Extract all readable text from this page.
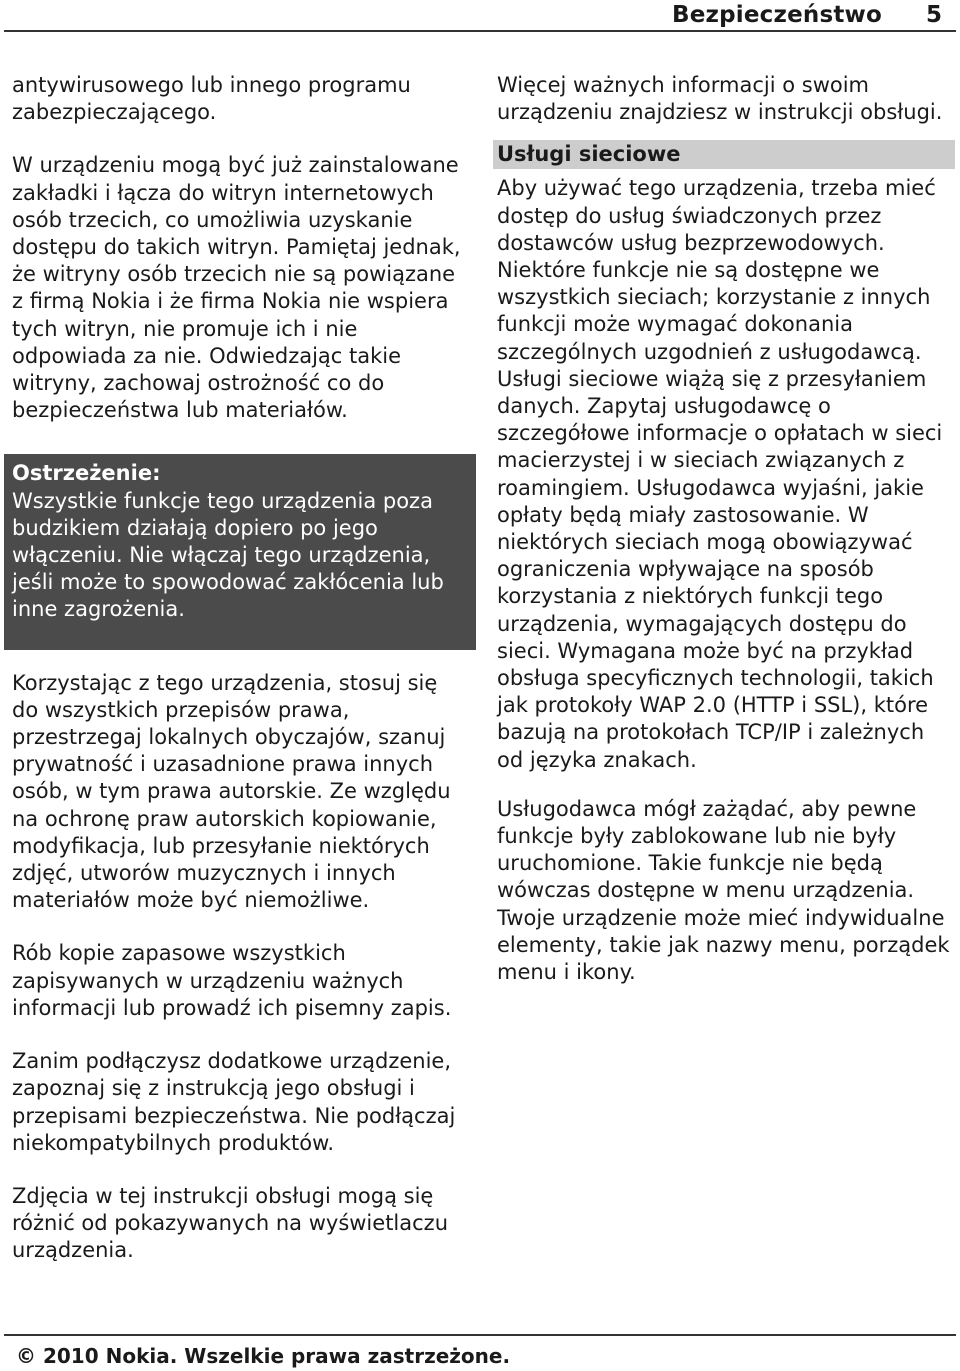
Bezpieczeństwo 5

antywirusowego lub innego programu zabezpieczającego.

W urządzeniu mogą być już zainstalowane zakładki i łącza do witryn internetowych osób trzecich, co umożliwia uzyskanie dostępu do takich witryn. Pamiętaj jednak, że witryny osób trzecich nie są powiązane z firmą Nokia i że firma Nokia nie wspiera tych witryn, nie promuje ich i nie odpowiada za nie. Odwiedzając takie witryny, zachowaj ostrożność co do bezpieczeństwa lub materiałów.

Ostrzeżenie:

Wszystkie funkcje tego urządzenia poza budzikiem działają dopiero po jego włączeniu. Nie włączaj tego urządzenia, jeśli może to spowodować zakłócenia lub inne zagrożenia.

Korzystając z tego urządzenia, stosuj się do wszystkich przepisów prawa, przestrzegaj lokalnych obyczajów, szanuj prywatność i uzasadnione prawa innych osób, w tym prawa autorskie. Ze względu na ochronę praw autorskich kopiowanie, modyfikacja, lub przesyłanie niektórych zdjęć, utworów muzycznych i innych materiałów może być niemożliwe.

Rób kopie zapasowe wszystkich zapisywanych w urządzeniu ważnych informacji lub prowadź ich pisemny zapis.

Zanim podłączysz dodatkowe urządzenie, zapoznaj się z instrukcją jego obsługi i przepisami bezpieczeństwa. Nie podłączaj niekompatybilnych produktów.

Zdjęcia w tej instrukcji obsługi mogą się różnić od pokazywanych na wyświetlaczu urządzenia.

Więcej ważnych informacji o swoim urządzeniu znajdziesz w instrukcji obsługi.

Usługi sieciowe

Aby używać tego urządzenia, trzeba mieć dostęp do usług świadczonych przez dostawców usług bezprzewodowych. Niektóre funkcje nie są dostępne we wszystkich sieciach; korzystanie z innych funkcji może wymagać dokonania szczególnych uzgodnień z usługodawcą. Usługi sieciowe wiążą się z przesyłaniem danych. Zapytaj usługodawcę o szczegółowe informacje o opłatach w sieci macierzystej i w sieciach związanych z roamingiem. Usługodawca wyjaśni, jakie opłaty będą miały zastosowanie. W niektórych sieciach mogą obowiązywać ograniczenia wpływające na sposób korzystania z niektórych funkcji tego urządzenia, wymagających dostępu do sieci. Wymagana może być na przykład obsługa specyficznych technologii, takich jak protokoły WAP 2.0 (HTTP i SSL), które bazują na protokołach TCP/IP i zależnych od języka znakach.

Usługodawca mógł zażądać, aby pewne funkcje były zablokowane lub nie były uruchomione. Takie funkcje nie będą wówczas dostępne w menu urządzenia. Twoje urządzenie może mieć indywidualne elementy, takie jak nazwy menu, porządek menu i ikony.

© 2010 Nokia. Wszelkie prawa zastrzeżone.
